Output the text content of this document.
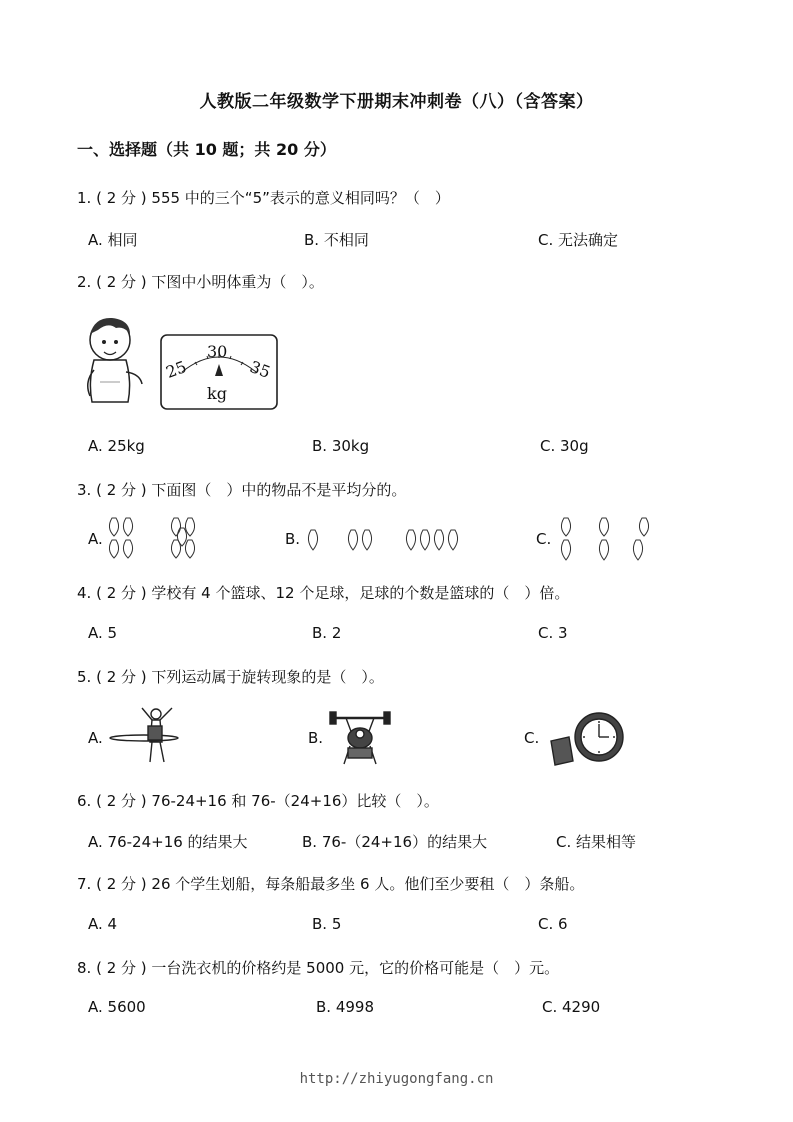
人教版二年级数学下册期末冲刺卷（八）（含答案）
一、选择题（共 10 题；共 20 分）
1. ( 2 分 ) 555 中的三个“5”表示的意义相同吗？（　）
A. 相同	B. 不相同	C. 无法确定
2. ( 2 分 ) 下图中小明体重为（　）。
25
30
35
kg
A. 25kg	B. 30kg	C. 30g
3. ( 2 分 ) 下面图（　）中的物品不是平均分的。
A.	B.	C.
4. ( 2 分 ) 学校有 4 个篮球、12 个足球，足球的个数是篮球的（　）倍。
A. 5	B. 2	C. 3
5. ( 2 分 ) 下列运动属于旋转现象的是（　）。
A.	B.	C.
6. ( 2 分 ) 76-24+16 和 76-（24+16）比较（　）。
A. 76-24+16 的结果大	B. 76-（24+16）的结果大	C. 结果相等
7. ( 2 分 ) 26 个学生划船，每条船最多坐 6 人。他们至少要租（　）条船。
A. 4	B. 5	C. 6
8. ( 2 分 ) 一台洗衣机的价格约是 5000 元，它的价格可能是（　）元。
A. 5600	B. 4998	C. 4290
http://zhiyugongfang.cn
